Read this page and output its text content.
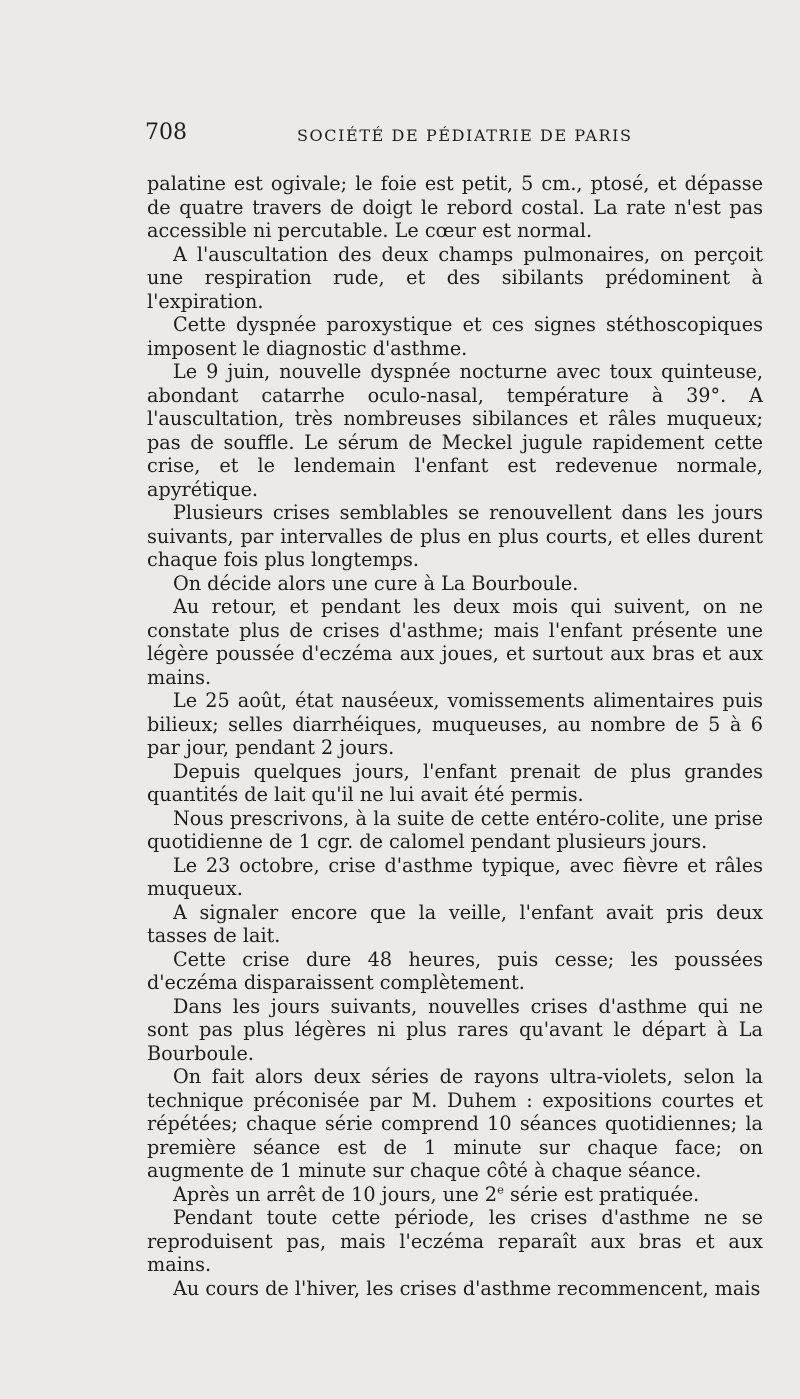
708	SOCIÉTÉ DE PÉDIATRIE DE PARIS

palatine est ogivale; le foie est petit, 5 cm., ptosé, et dépasse de quatre travers de doigt le rebord costal. La rate n'est pas accessible ni percutable. Le cœur est normal.

A l'auscultation des deux champs pulmonaires, on perçoit une respiration rude, et des sibilants prédominent à l'expiration.

Cette dyspnée paroxystique et ces signes stéthoscopiques imposent le diagnostic d'asthme.

Le 9 juin, nouvelle dyspnée nocturne avec toux quinteuse, abondant catarrhe oculo-nasal, température à 39°. A l'auscultation, très nombreuses sibilances et râles muqueux; pas de souffle. Le sérum de Meckel jugule rapidement cette crise, et le lendemain l'enfant est redevenue normale, apyrétique.

Plusieurs crises semblables se renouvellent dans les jours suivants, par intervalles de plus en plus courts, et elles durent chaque fois plus longtemps.

On décide alors une cure à La Bourboule.

Au retour, et pendant les deux mois qui suivent, on ne constate plus de crises d'asthme; mais l'enfant présente une légère poussée d'eczéma aux joues, et surtout aux bras et aux mains.

Le 25 août, état nauséeux, vomissements alimentaires puis bilieux; selles diarrhéiques, muqueuses, au nombre de 5 à 6 par jour, pendant 2 jours.

Depuis quelques jours, l'enfant prenait de plus grandes quantités de lait qu'il ne lui avait été permis.

Nous prescrivons, à la suite de cette entéro-colite, une prise quotidienne de 1 cgr. de calomel pendant plusieurs jours.

Le 23 octobre, crise d'asthme typique, avec fièvre et râles muqueux.

A signaler encore que la veille, l'enfant avait pris deux tasses de lait.

Cette crise dure 48 heures, puis cesse; les poussées d'eczéma disparaissent complètement.

Dans les jours suivants, nouvelles crises d'asthme qui ne sont pas plus légères ni plus rares qu'avant le départ à La Bourboule.

On fait alors deux séries de rayons ultra-violets, selon la technique préconisée par M. Duhem : expositions courtes et répétées; chaque série comprend 10 séances quotidiennes; la première séance est de 1 minute sur chaque face; on augmente de 1 minute sur chaque côté à chaque séance.

Après un arrêt de 10 jours, une 2e série est pratiquée.

Pendant toute cette période, les crises d'asthme ne se reproduisent pas, mais l'eczéma reparaît aux bras et aux mains.

Au cours de l'hiver, les crises d'asthme recommencent, mais
